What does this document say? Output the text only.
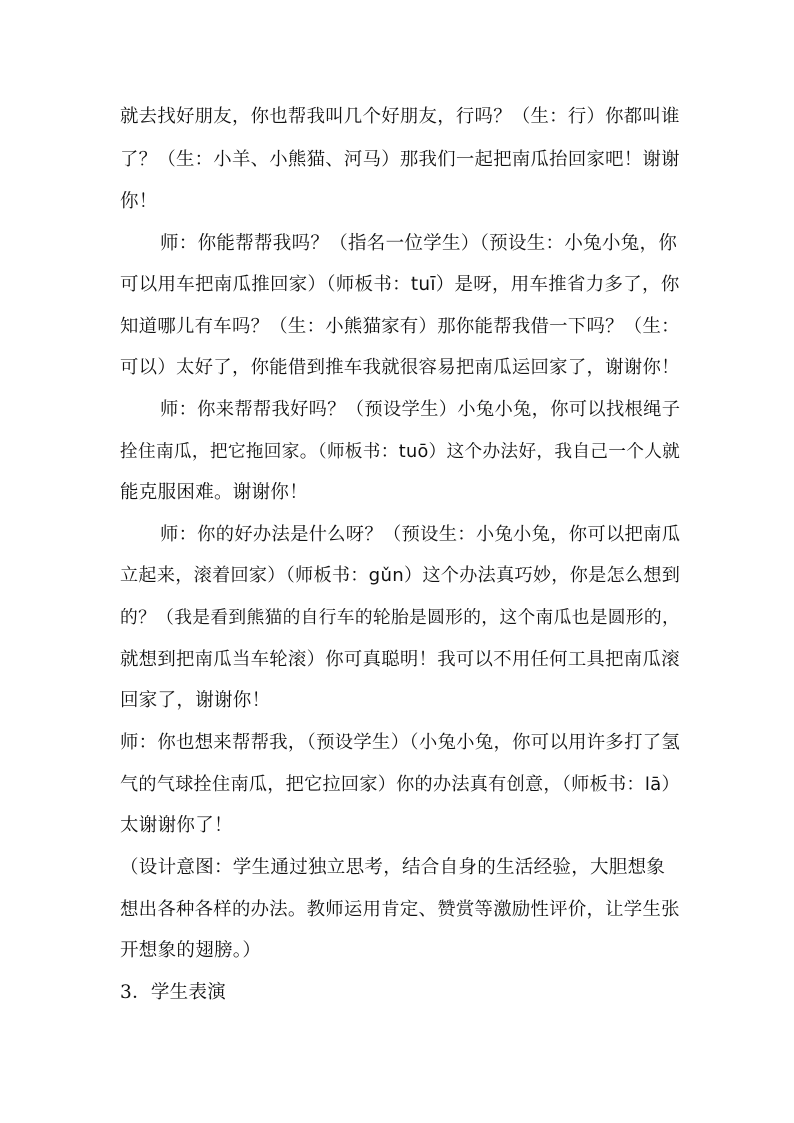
就去找好朋友，你也帮我叫几个好朋友，行吗？（生：行）你都叫谁
了？（生：小羊、小熊猫、河马）那我们一起把南瓜抬回家吧！谢谢
你！
师：你能帮帮我吗？（指名一位学生）（预设生：小兔小兔，你
可以用车把南瓜推回家）（师板书：tuī）是呀，用车推省力多了，你
知道哪儿有车吗？（生：小熊猫家有）那你能帮我借一下吗？（生：
可以）太好了，你能借到推车我就很容易把南瓜运回家了，谢谢你！
师：你来帮帮我好吗？（预设学生）小兔小兔，你可以找根绳子
拴住南瓜，把它拖回家。（师板书：tuō）这个办法好，我自己一个人就
能克服困难。谢谢你！
师：你的好办法是什么呀？（预设生：小兔小兔，你可以把南瓜
立起来，滚着回家）（师板书：gǔn）这个办法真巧妙，你是怎么想到
的？（我是看到熊猫的自行车的轮胎是圆形的，这个南瓜也是圆形的，
就想到把南瓜当车轮滚）你可真聪明！我可以不用任何工具把南瓜滚
回家了，谢谢你！
师：你也想来帮帮我，（预设学生）（小兔小兔，你可以用许多打了氢
气的气球拴住南瓜，把它拉回家）你的办法真有创意，（师板书：lā）
太谢谢你了！
（设计意图：学生通过独立思考，结合自身的生活经验，大胆想象
想出各种各样的办法。教师运用肯定、赞赏等激励性评价，让学生张
开想象的翅膀。）
3．学生表演
